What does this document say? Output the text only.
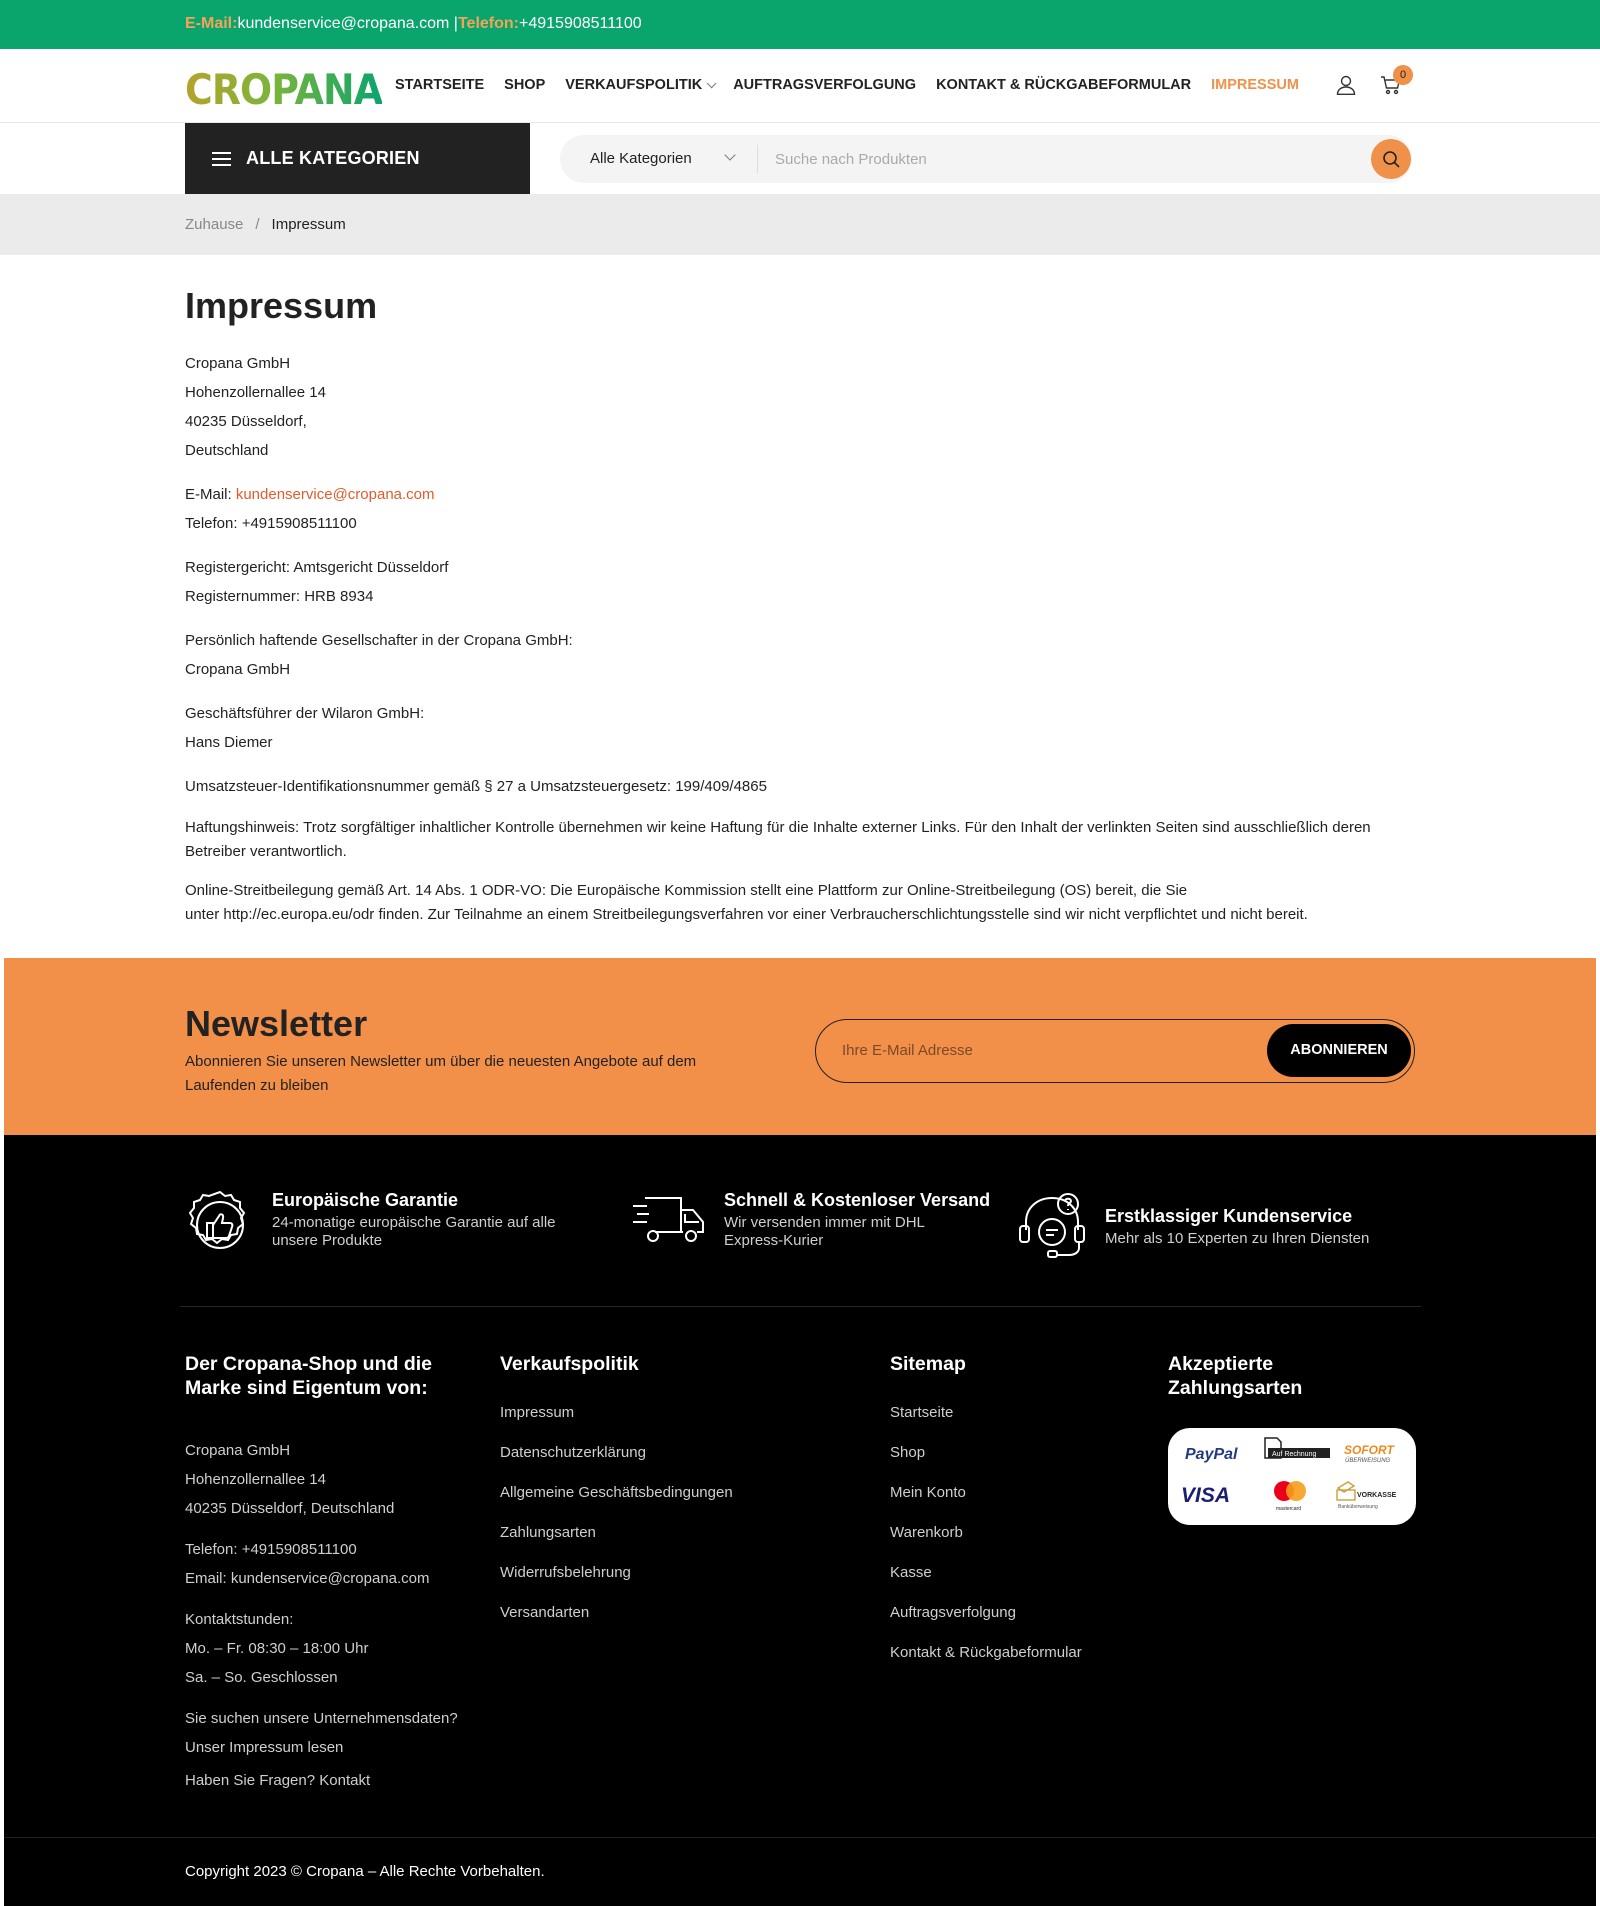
E-Mail:kundenservice@cropana.com |Telefon:+4915908511100
CROPANA STARTSEITE SHOP VERKAUFSPOLITIK AUFTRAGSVERFOLGUNG KONTAKT & RÜCKGABEFORMULAR IMPRESSUM
0
ALLE KATEGORIEN	Alle Kategorien
Suche nach Produkten
Zuhause / Impressum
Impressum
Cropana GmbH
Hohenzollernallee 14
40235 Düsseldorf,
Deutschland
E-Mail: kundenservice@cropana.com
Telefon: +4915908511100
Registergericht: Amtsgericht Düsseldorf
Registernummer: HRB 8934
Persönlich haftende Gesellschafter in der Cropana GmbH:
Cropana GmbH
Geschäftsführer der Wilaron GmbH:
Hans Diemer
Umsatzsteuer-Identifikationsnummer gemäß § 27 a Umsatzsteuergesetz: 199/409/4865
Haftungshinweis: Trotz sorgfältiger inhaltlicher Kontrolle übernehmen wir keine Haftung für die Inhalte externer Links. Für den Inhalt der verlinkten Seiten sind ausschließlich deren Betreiber verantwortlich.
Online-Streitbeilegung gemäß Art. 14 Abs. 1 ODR-VO: Die Europäische Kommission stellt eine Plattform zur Online-Streitbeilegung (OS) bereit, die Sie
unter http://ec.europa.eu/odr finden. Zur Teilnahme an einem Streitbeilegungsverfahren vor einer Verbraucherschlichtungsstelle sind wir nicht verpflichtet und nicht bereit.
Newsletter
Abonnieren Sie unseren Newsletter um über die neuesten Angebote auf dem Laufenden zu bleiben
Ihre E-Mail Adresse
ABONNIEREN
Europäische Garantie
24-monatige europäische Garantie auf alle unsere Produkte
Schnell & Kostenloser Versand
Wir versenden immer mit DHL Express-Kurier
Erstklassiger Kundenservice
Mehr als 10 Experten zu Ihren Diensten
Der Cropana-Shop und die Marke sind Eigentum von:
Cropana GmbH
Hohenzollernallee 14
40235 Düsseldorf, Deutschland
Telefon: +4915908511100
Email: kundenservice@cropana.com
Kontaktstunden:
Mo. – Fr. 08:30 – 18:00 Uhr
Sa. – So. Geschlossen
Sie suchen unsere Unternehmensdaten?
Unser Impressum lesen
Haben Sie Fragen? Kontakt
Verkaufspolitik
Impressum
Datenschutzerklärung
Allgemeine Geschäftsbedingungen
Zahlungsarten
Widerrufsbelehrung
Versandarten
Sitemap
Startseite
Shop
Mein Konto
Warenkorb
Kasse
Auftragsverfolgung
Kontakt & Rückgabeformular
Akzeptierte Zahlungsarten
PayPal	Auf Rechnung SOFORT
ÜBERWEISUNG
VISA
mastercard
VORKASSE
Banküberweisung
Copyright 2023 © Cropana – Alle Rechte Vorbehalten.
